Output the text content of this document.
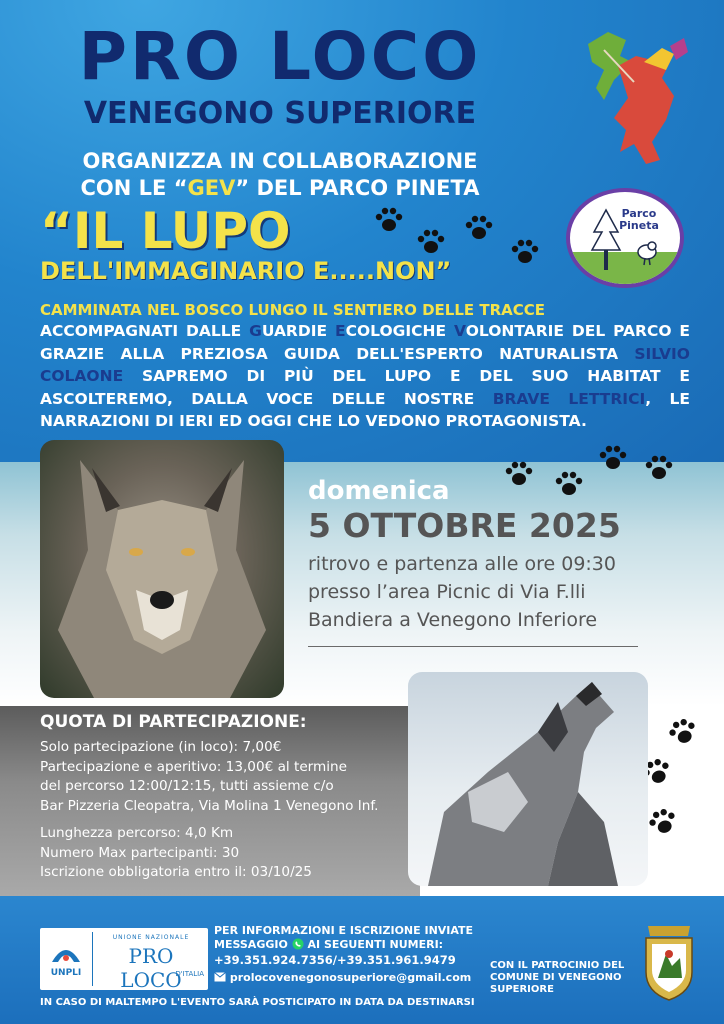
PRO LOCO
VENEGONO SUPERIORE
ORGANIZZA IN COLLABORAZIONE
CON LE “GEV” DEL PARCO PINETA
“IL LUPO
DELL'IMMAGINARIO E.....NON”
CAMMINATA NEL BOSCO LUNGO IL SENTIERO DELLE TRACCE
ACCOMPAGNATI DALLE GUARDIE ECOLOGICHE VOLONTARIE DEL PARCO E GRAZIE ALLA PREZIOSA GUIDA DELL'ESPERTO NATURALISTA SILVIO COLAONE SAPREMO DI PIÙ DEL LUPO E DEL SUO HABITAT E ASCOLTEREMO, DALLA VOCE DELLE NOSTRE BRAVE LETTRICI, LE NARRAZIONI DI IERI ED OGGI CHE LO VEDONO PROTAGONISTA.
Parco
Pineta
domenica
5 OTTOBRE 2025
ritrovo e partenza alle ore 09:30
presso l’area Picnic di Via F.lli
Bandiera a Venegono Inferiore
QUOTA DI PARTECIPAZIONE:
Solo partecipazione (in loco): 7,00€
Partecipazione e aperitivo: 13,00€ al termine
del percorso 12:00/12:15, tutti assieme c/o
Bar Pizzeria Cleopatra, Via Molina 1 Venegono Inf.
Lunghezza percorso: 4,0 Km
Numero Max partecipanti: 30
Iscrizione obbligatoria entro il: 03/10/25
UNPLI
UNIONE NAZIONALE
PRO LOCO
D'ITALIA
PER INFORMAZIONI E ISCRIZIONE INVIATE
MESSAGGIO AI SEGUENTI NUMERI:
+39.351.924.7356/+39.351.961.9479
prolocovenegonosuperiore@gmail.com
IN CASO DI MALTEMPO L'EVENTO SARÀ POSTICIPATO IN DATA DA DESTINARSI
CON IL PATROCINIO DEL
COMUNE DI VENEGONO
SUPERIORE
